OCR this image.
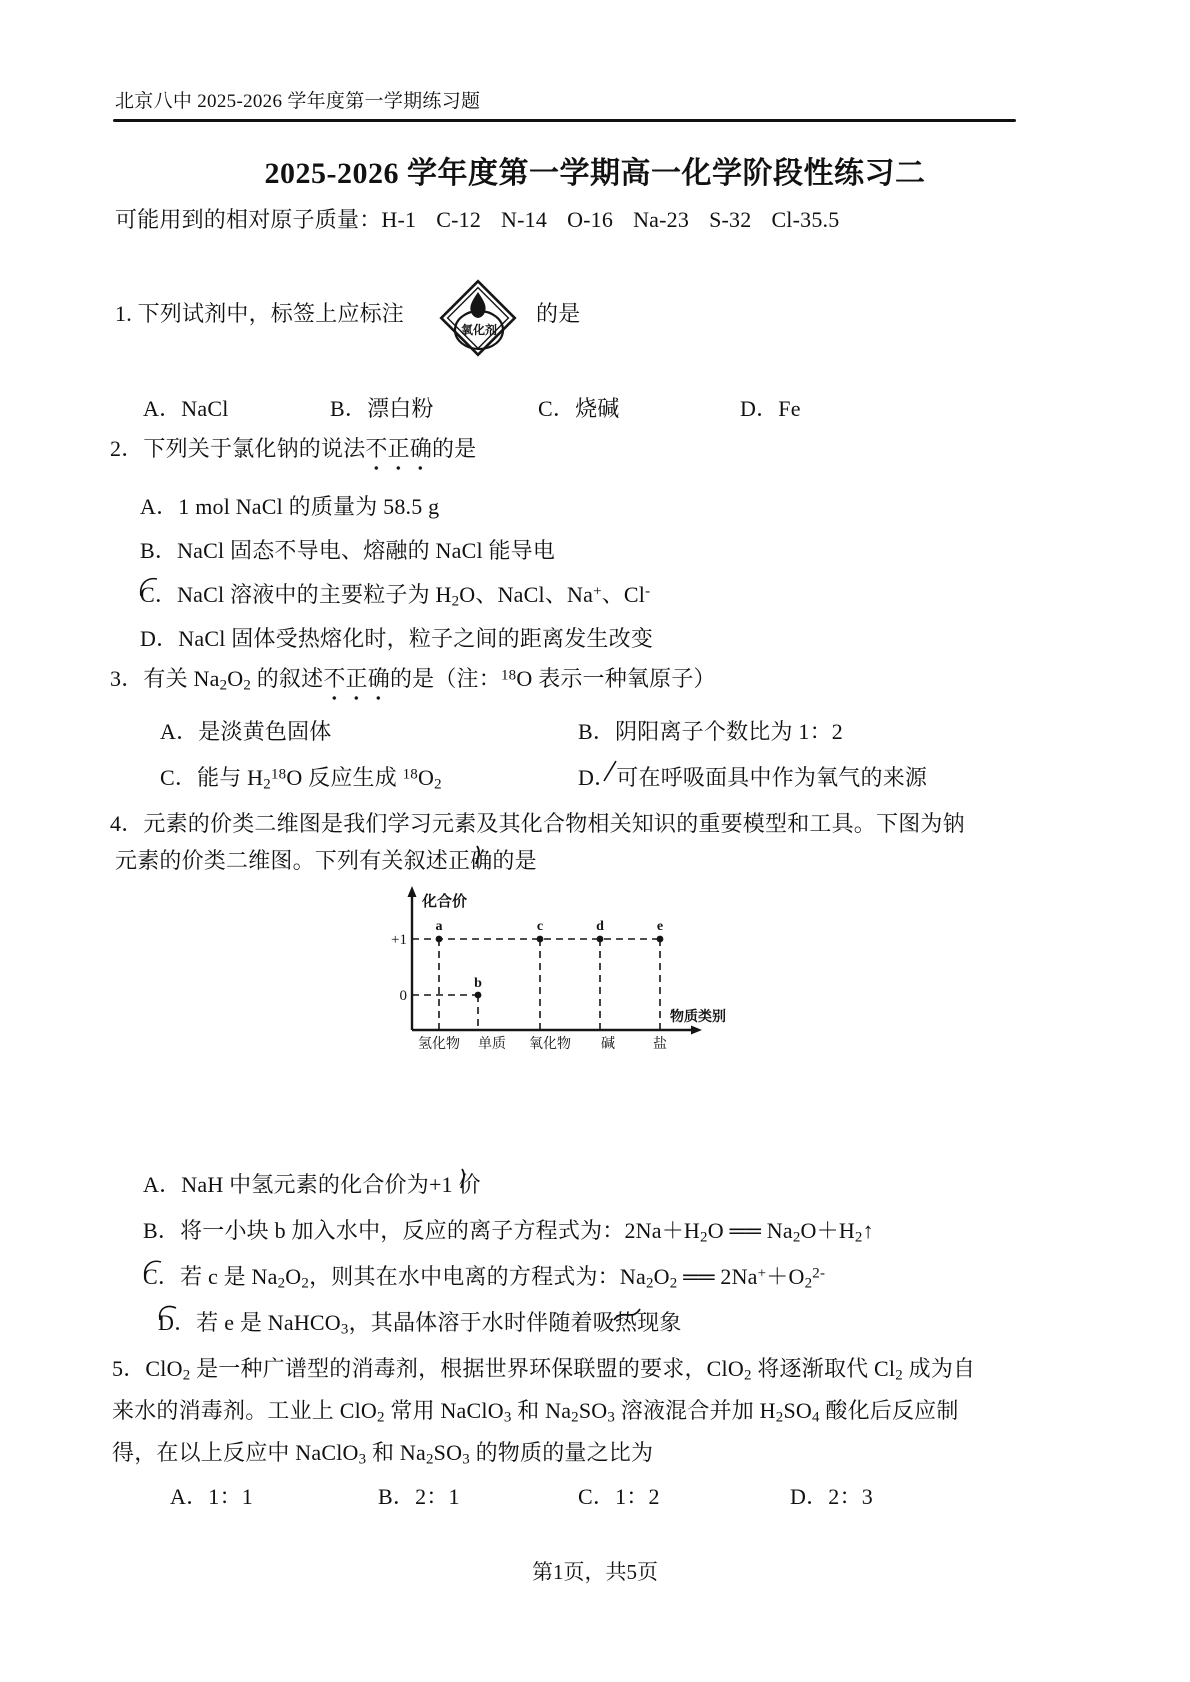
北京八中 2025-2026 学年度第一学期练习题
2025-2026 学年度第一学期高一化学阶段性练习二
可能用到的相对原子质量：H-1 C-12 N-14 O-16 Na-23 S-32 Cl-35.5
1. 下列试剂中，标签上应标注
氧化剂
的是
A．NaCl	B．漂白粉	C．烧碱	D．Fe
2．下列关于氯化钠的说法不正确的是
A．1 mol NaCl 的质量为 58.5 g
B．NaCl 固态不导电、熔融的 NaCl 能导电
C．NaCl 溶液中的主要粒子为 $H_2O$、NaCl、Na+、Cl-
D．NaCl 固体受热熔化时，粒子之间的距离发生改变
3．有关 $Na_2O_2$ 的叙述不正确的是（注：$^{18}$O 表示一种氧原子）
A．是淡黄色固体	B．阴阳离子个数比为 1：2
C．能与 $H_2^{18}O$ 反应生成 $^{18}O_2$	D．可在呼吸面具中作为氧气的来源
4．元素的价类二维图是我们学习元素及其化合物相关知识的重要模型和工具。下图为钠
元素的价类二维图。下列有关叙述正确的是
化合价
物质类别
+1
0
a
b
c	d	e
氢化物 单质 氧化物 碱	盐
A．NaH 中氢元素的化合价为+1 价
B．将一小块 b 加入水中，反应的离子方程式为：$2Na+H_2O$ ══ $Na_2O+H_2↑$
C．若 c 是 $Na_2O_2$，则其在水中电离的方程式为：$Na_2O_2$ ══ $2Na^++O_2^{2-}$
D．若 e 是 NaHCO$_3$，其晶体溶于水时伴随着吸热现象
5．ClO$_2$ 是一种广谱型的消毒剂，根据世界环保联盟的要求，ClO$_2$ 将逐渐取代 $Cl_2$ 成为自
来水的消毒剂。工业上 ClO$_2$ 常用 NaClO$_3$ 和 $Na_2SO_3$ 溶液混合并加 $H_2SO_4$ 酸化后反应制
得，在以上反应中 NaClO$_3$ 和 $Na_2SO_3$ 的物质的量之比为
A．1：1	B．2：1	C．1：2	D．2：3
第1页，共5页
